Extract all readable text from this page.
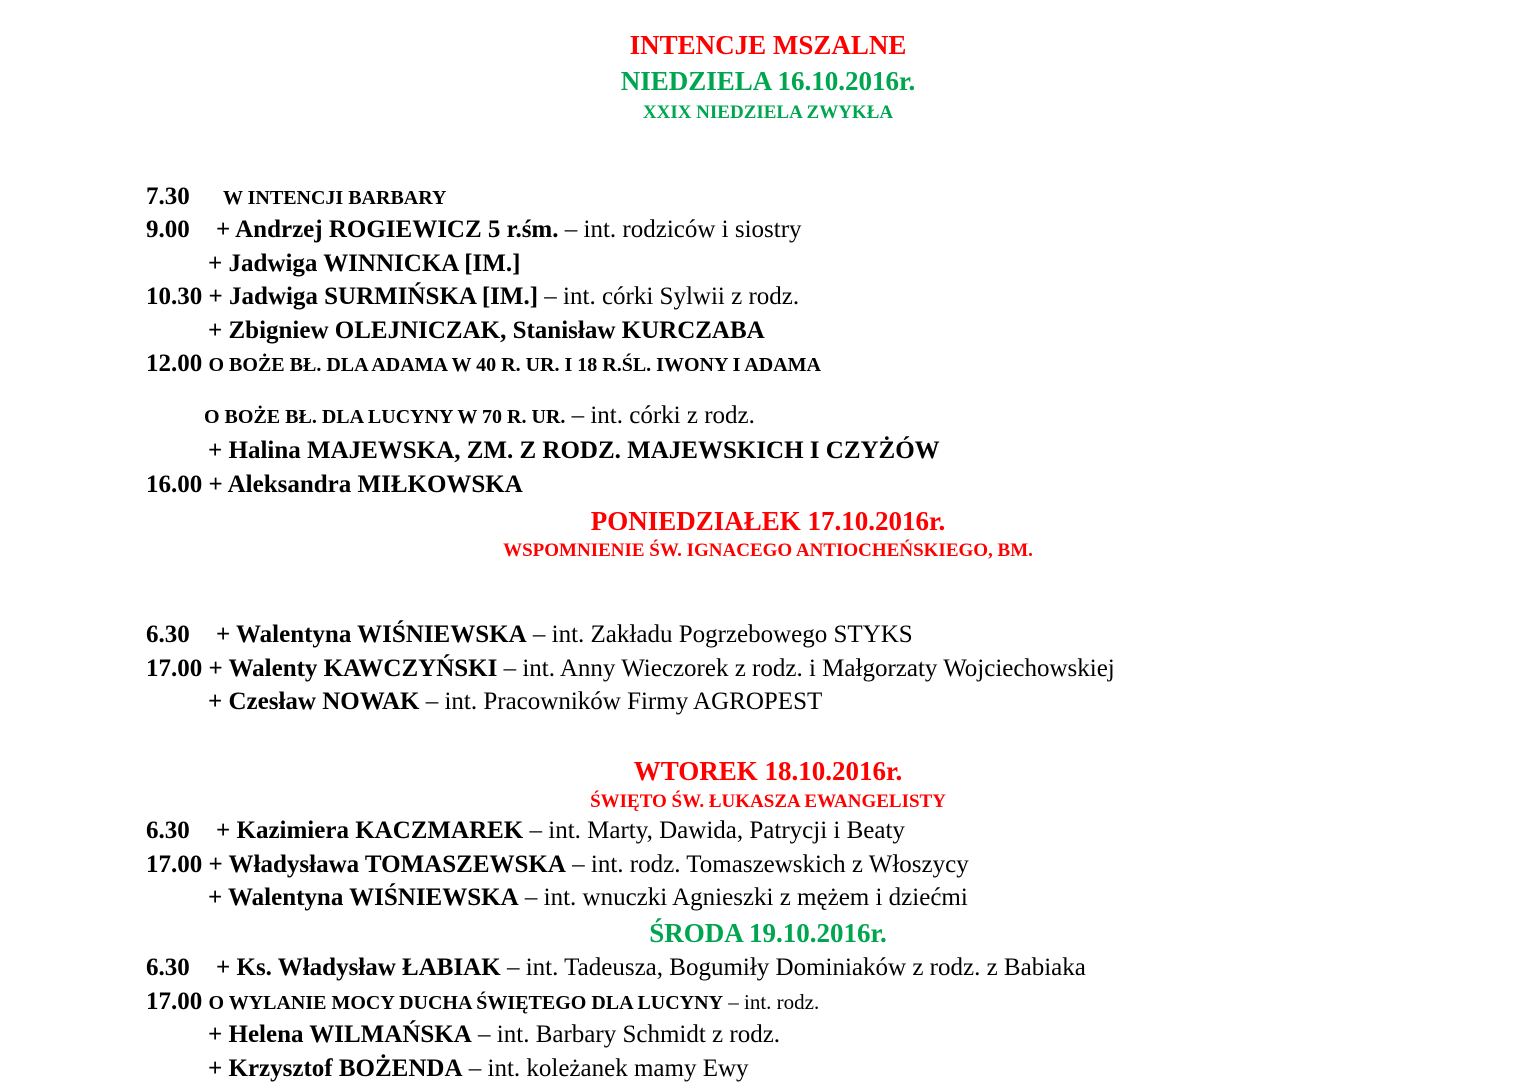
INTENCJE MSZALNE
NIEDZIELA 16.10.2016r.
XXIX NIEDZIELA ZWYKŁA
7.30 W INTENCJI BARBARY
9.00 + Andrzej ROGIEWICZ 5 r.śm. – int. rodziców i siostry
+ Jadwiga WINNICKA [IM.]
10.30 + Jadwiga SURMIŃSKA [IM.] – int. córki Sylwii z rodz.
+ Zbigniew OLEJNICZAK, Stanisław KURCZABA
12.00 O BOŻE BŁ. DLA ADAMA W 40 R. UR. I 18 R.ŚL. IWONY I ADAMA
O BOŻE BŁ. DLA LUCYNY W 70 R. UR. – int. córki z rodz.
+ Halina MAJEWSKA, ZM. Z RODZ. MAJEWSKICH I CZYŻÓW
16.00 + Aleksandra MIŁKOWSKA
PONIEDZIAŁEK 17.10.2016r.
WSPOMNIENIE ŚW. IGNACEGO ANTIOCHEŃSKIEGO, BM.
6.30 + Walentyna WIŚNIEWSKA – int. Zakładu Pogrzebowego STYKS
17.00 + Walenty KAWCZYŃSKI – int. Anny Wieczorek z rodz. i Małgorzaty Wojciechowskiej
+ Czesław NOWAK – int. Pracowników Firmy AGROPEST
WTOREK 18.10.2016r.
ŚWIĘTO ŚW. ŁUKASZA EWANGELISTY
6.30 + Kazimiera KACZMAREK – int. Marty, Dawida, Patrycji i Beaty
17.00 + Władysława TOMASZEWSKA – int. rodz. Tomaszewskich z Włoszycy
+ Walentyna WIŚNIEWSKA – int. wnuczki Agnieszki z mężem i dziećmi
ŚRODA 19.10.2016r.
6.30 + Ks. Władysław ŁABIAK – int. Tadeusza, Bogumiły Dominiaków z rodz. z Babiaka
17.00 O WYLANIE MOCY DUCHA ŚWIĘTEGO DLA LUCYNY – int. rodz.
+ Helena WILMAŃSKA – int. Barbary Schmidt z rodz.
+ Krzysztof BOŻENDA – int. koleżanek mamy Ewy
